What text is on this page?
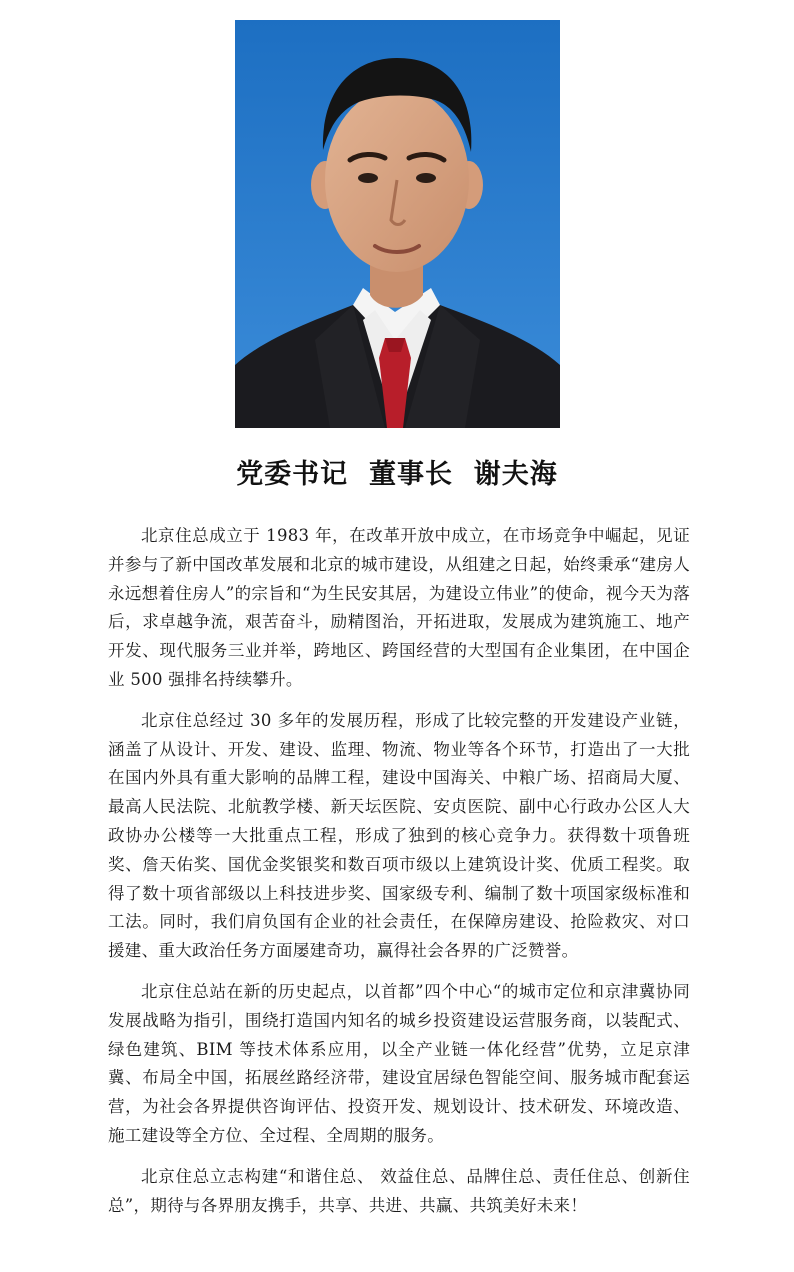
党委书记  董事长  谢夫海

北京住总成立于 1983 年，在改革开放中成立，在市场竞争中崛起，见证并参与了新中国改革发展和北京的城市建设，从组建之日起，始终秉承“建房人永远想着住房人”的宗旨和“为生民安其居，为建设立伟业”的使命，视今天为落后，求卓越争流，艰苦奋斗，励精图治，开拓进取，发展成为建筑施工、地产开发、现代服务三业并举，跨地区、跨国经营的大型国有企业集团，在中国企业 500 强排名持续攀升。

北京住总经过 30 多年的发展历程，形成了比较完整的开发建设产业链，涵盖了从设计、开发、建设、监理、物流、物业等各个环节，打造出了一大批在国内外具有重大影响的品牌工程，建设中国海关、中粮广场、招商局大厦、最高人民法院、北航教学楼、新天坛医院、安贞医院、副中心行政办公区人大政协办公楼等一大批重点工程，形成了独到的核心竞争力。获得数十项鲁班奖、詹天佑奖、国优金奖银奖和数百项市级以上建筑设计奖、优质工程奖。取得了数十项省部级以上科技进步奖、国家级专利、编制了数十项国家级标准和工法。同时，我们肩负国有企业的社会责任，在保障房建设、抢险救灾、对口援建、重大政治任务方面屡建奇功，赢得社会各界的广泛赞誉。

北京住总站在新的历史起点，以首都”四个中心“的城市定位和京津冀协同发展战略为指引，围绕打造国内知名的城乡投资建设运营服务商，以装配式、绿色建筑、BIM 等技术体系应用，以全产业链一体化经营”优势，立足京津冀、布局全中国，拓展丝路经济带，建设宜居绿色智能空间、服务城市配套运营，为社会各界提供咨询评估、投资开发、规划设计、技术研发、环境改造、施工建设等全方位、全过程、全周期的服务。

北京住总立志构建“和谐住总、 效益住总、品牌住总、责任住总、创新住总”，期待与各界朋友携手，共享、共进、共赢、共筑美好未来！
